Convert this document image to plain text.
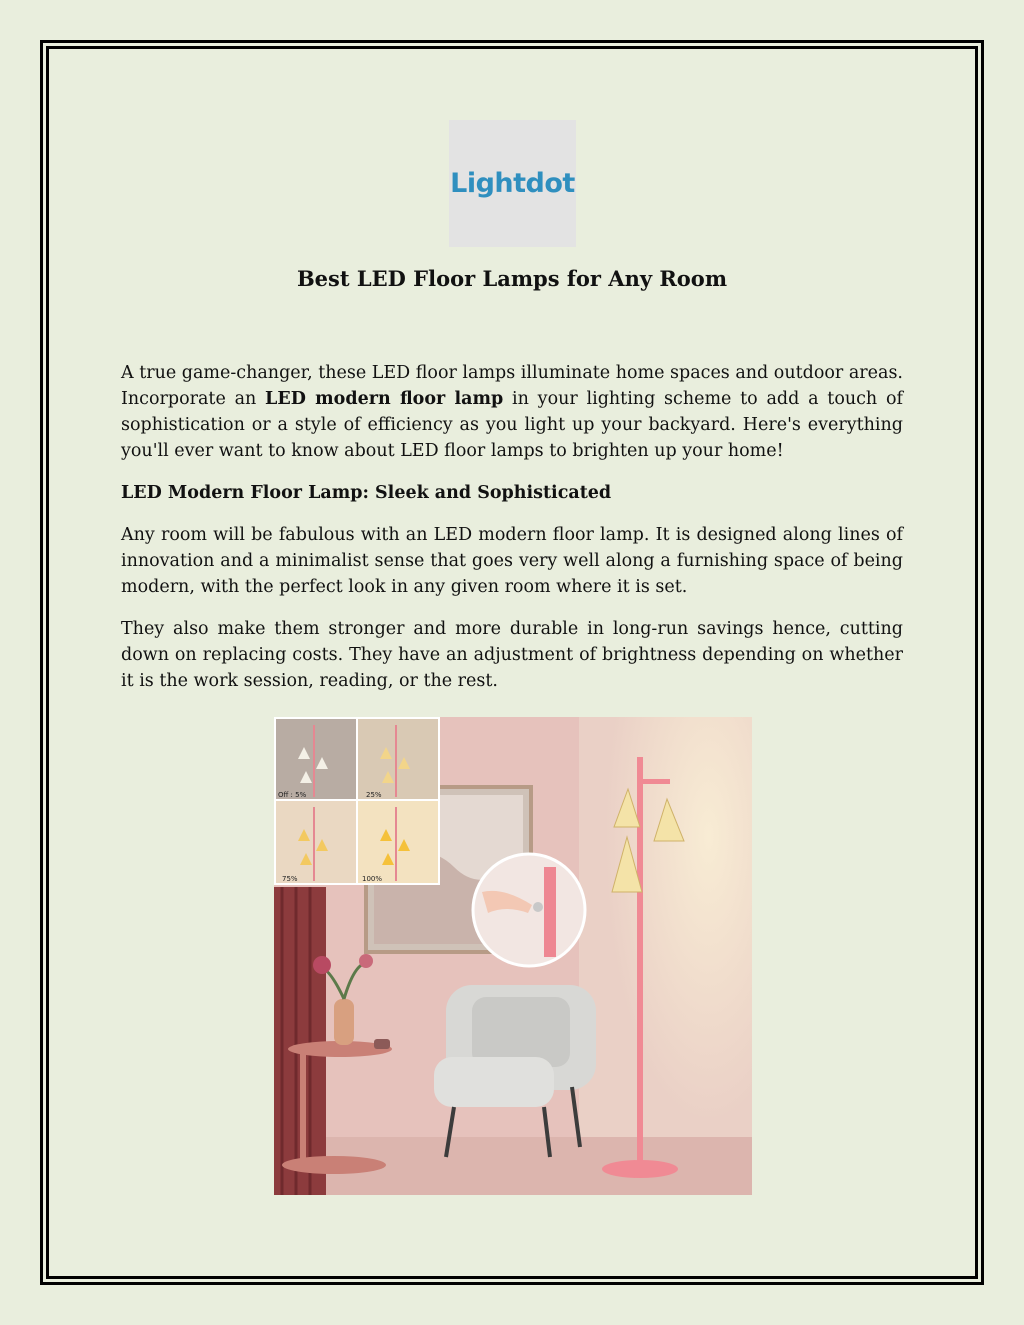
Lightdot
Best LED Floor Lamps for Any Room

A true game-changer, these LED floor lamps illuminate home spaces and outdoor areas. Incorporate an LED modern floor lamp in your lighting scheme to add a touch of sophistication or a style of efficiency as you light up your backyard. Here's everything you'll ever want to know about LED floor lamps to brighten up your home!

LED Modern Floor Lamp: Sleek and Sophisticated

Any room will be fabulous with an LED modern floor lamp. It is designed along lines of innovation and a minimalist sense that goes very well along a furnishing space of being modern, with the perfect look in any given room where it is set.

They also make them stronger and more durable in long-run savings hence, cutting down on replacing costs. They have an adjustment of brightness depending on whether it is the work session, reading, or the rest.

Off : 5%	25%
75%	100%
